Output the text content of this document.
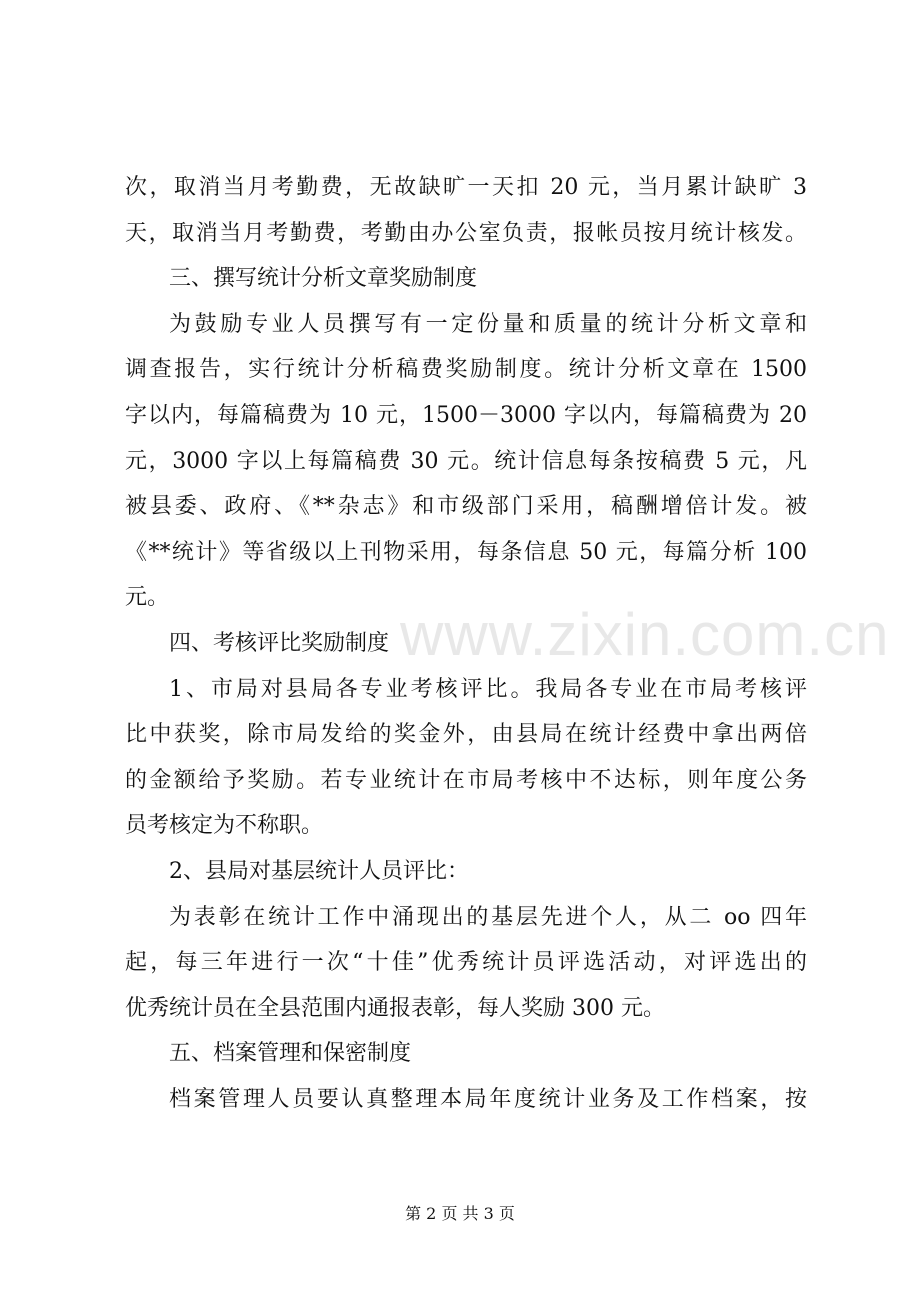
次，取消当月考勤费，无故缺旷一天扣 20 元，当月累计缺旷 3
天，取消当月考勤费，考勤由办公室负责，报帐员按月统计核发。
三、撰写统计分析文章奖励制度
为鼓励专业人员撰写有一定份量和质量的统计分析文章和
调查报告，实行统计分析稿费奖励制度。统计分析文章在 1500
字以内，每篇稿费为 10 元，1500－3000 字以内，每篇稿费为 20
元，3000 字以上每篇稿费 30 元。统计信息每条按稿费 5 元，凡
被县委、政府、《**杂志》和市级部门采用，稿酬增倍计发。被
《**统计》等省级以上刊物采用，每条信息 50 元，每篇分析 100
元。
四、考核评比奖励制度
1、市局对县局各专业考核评比。我局各专业在市局考核评
比中获奖，除市局发给的奖金外，由县局在统计经费中拿出两倍
的金额给予奖励。若专业统计在市局考核中不达标，则年度公务
员考核定为不称职。
2、县局对基层统计人员评比：
为表彰在统计工作中涌现出的基层先进个人，从二 oo 四年
起，每三年进行一次“十佳”优秀统计员评选活动，对评选出的
优秀统计员在全县范围内通报表彰，每人奖励 300 元。
五、档案管理和保密制度
档案管理人员要认真整理本局年度统计业务及工作档案，按
www.zixin.com.cn
第 2 页 共 3 页
